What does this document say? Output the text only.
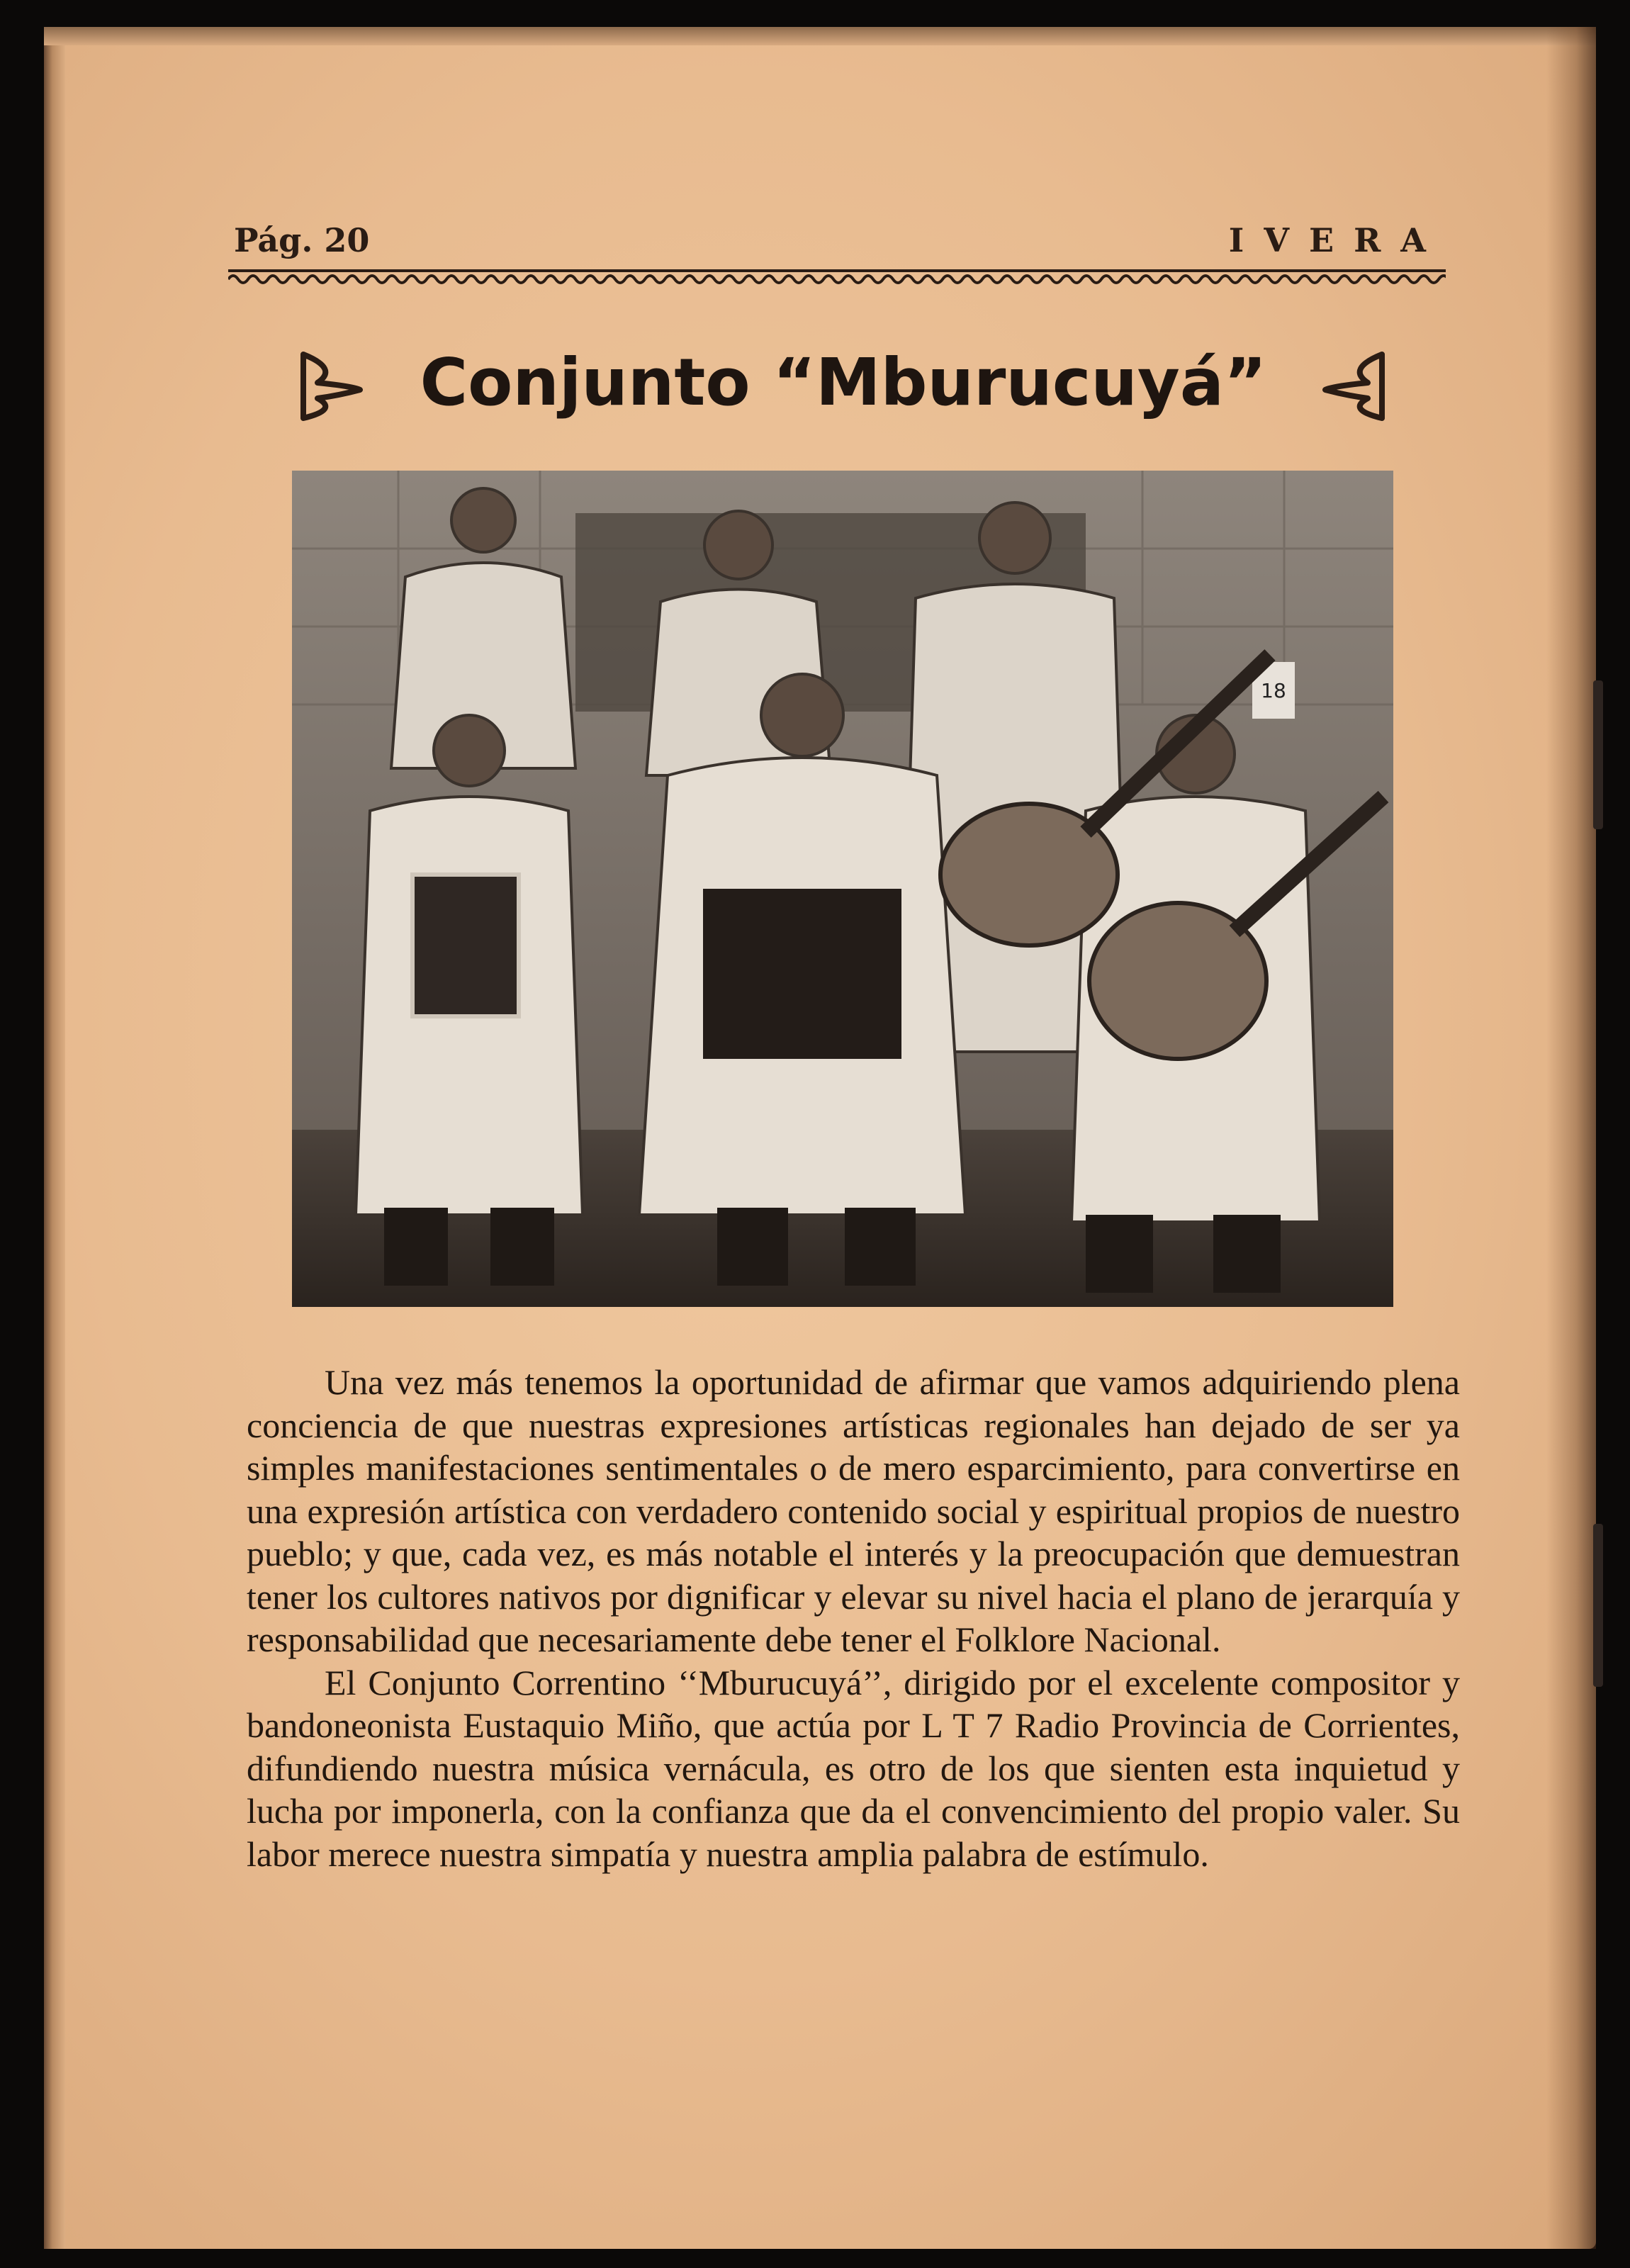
Pág. 20	IVERA
Conjunto “Mburucuyá”
18

Una vez más tenemos la oportunidad de afirmar que vamos adquiriendo plena conciencia de que nuestras expresiones artísticas regionales han dejado de ser ya simples manifestaciones sentimentales o de mero esparcimiento, para convertirse en una expresión artística con verdadero contenido social y espiritual propios de nuestro pueblo; y que, cada vez, es más notable el interés y la preocupación que demuestran tener los cultores nativos por dignificar y elevar su nivel hacia el plano de jerarquía y responsabilidad que necesariamente debe tener el Folklore Nacional.

El Conjunto Correntino ‘‘Mburucuyá’’, dirigido por el excelente compositor y bandoneonista Eustaquio Miño, que actúa por L T 7 Radio Provincia de Corrientes, difundiendo nuestra música vernácula, es otro de los que sienten esta inquietud y lucha por imponerla, con la confianza que da el convencimiento del propio valer. Su labor merece nuestra simpatía y nuestra amplia palabra de estímulo.
